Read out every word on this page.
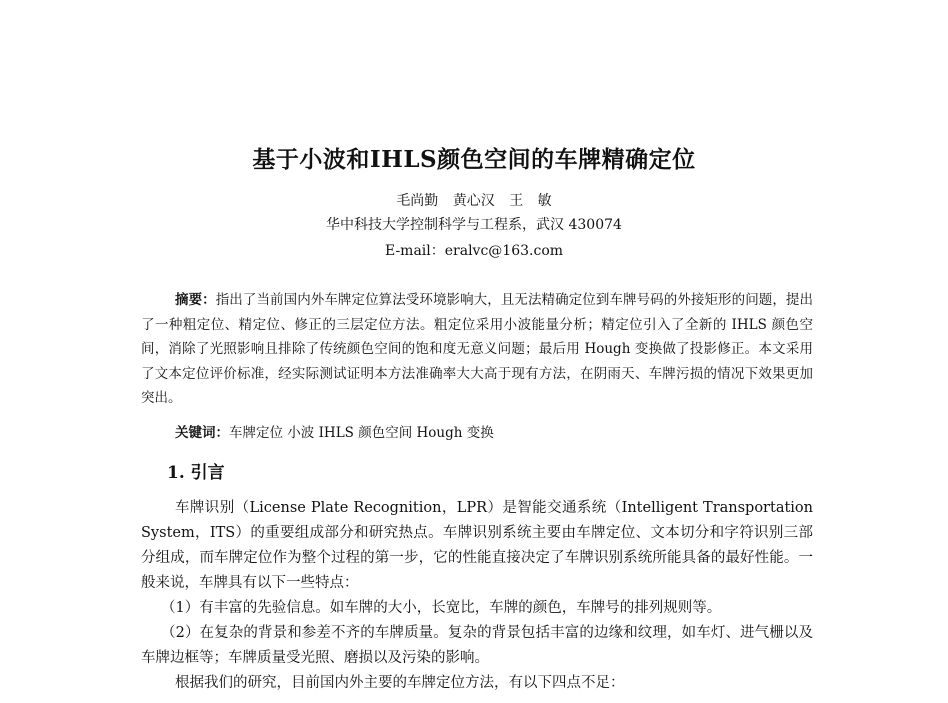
基于小波和IHLS颜色空间的车牌精确定位
毛尚勤 黄心汉 王 敏
华中科技大学控制科学与工程系，武汉 430074
E-mail：eralvc@163.com
摘要：指出了当前国内外车牌定位算法受环境影响大，且无法精确定位到车牌号码的外接矩形的问题，提出了一种粗定位、精定位、修正的三层定位方法。粗定位采用小波能量分析；精定位引入了全新的 IHLS 颜色空间，消除了光照影响且排除了传统颜色空间的饱和度无意义问题；最后用 Hough 变换做了投影修正。本文采用了文本定位评价标准，经实际测试证明本方法准确率大大高于现有方法，在阴雨天、车牌污损的情况下效果更加突出。
关键词：车牌定位 小波 IHLS 颜色空间 Hough 变换
1. 引言

车牌识别（License Plate Recognition，LPR）是智能交通系统（Intelligent Transportation System，ITS）的重要组成部分和研究热点。车牌识别系统主要由车牌定位、文本切分和字符识别三部分组成，而车牌定位作为整个过程的第一步，它的性能直接决定了车牌识别系统所能具备的最好性能。一般来说，车牌具有以下一些特点：

（1）有丰富的先验信息。如车牌的大小，长宽比，车牌的颜色，车牌号的排列规则等。

（2）在复杂的背景和参差不齐的车牌质量。复杂的背景包括丰富的边缘和纹理，如车灯、进气栅以及车牌边框等；车牌质量受光照、磨损以及污染的影响。

根据我们的研究，目前国内外主要的车牌定位方法，有以下四点不足：
